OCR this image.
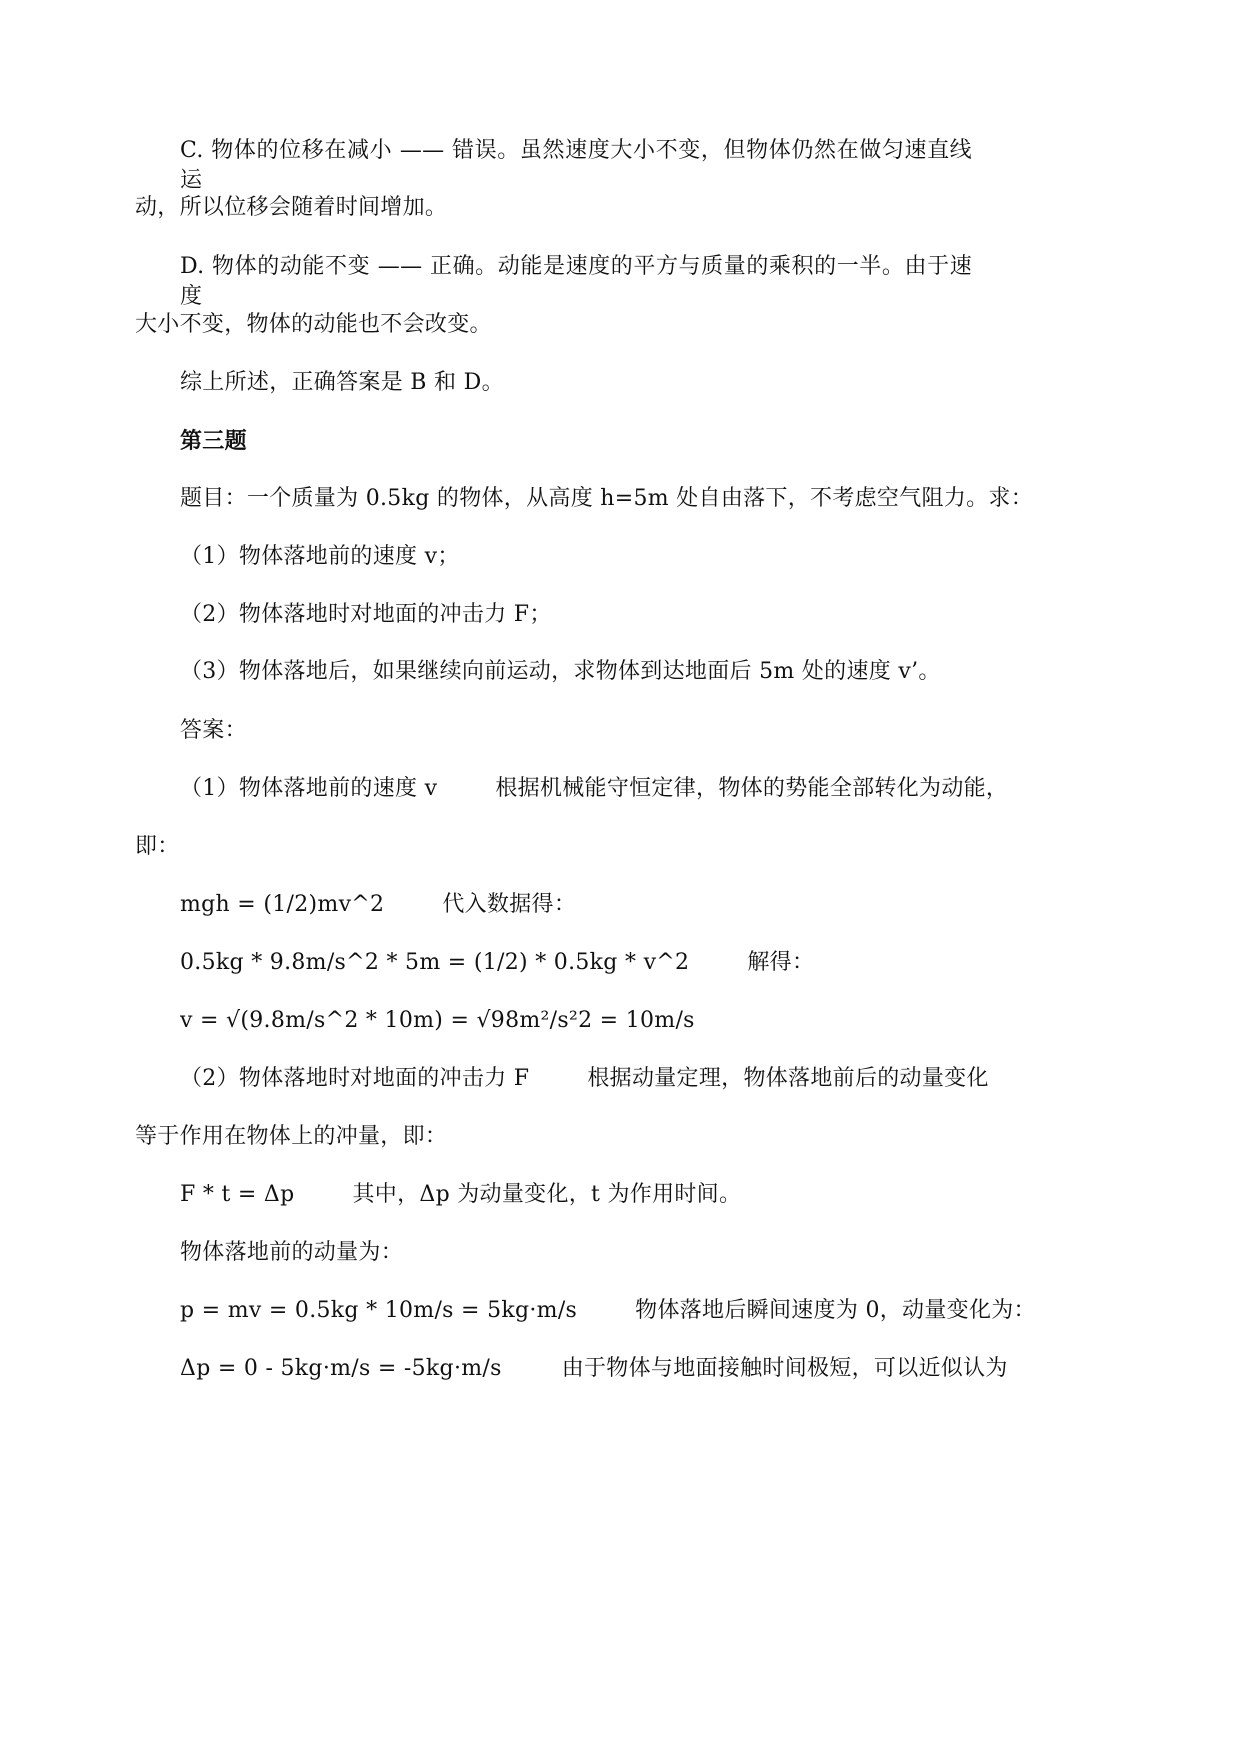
C. 物体的位移在减小 —— 错误。虽然速度大小不变，但物体仍然在做匀速直线运
动，所以位移会随着时间增加。
D. 物体的动能不变 —— 正确。动能是速度的平方与质量的乘积的一半。由于速度
大小不变，物体的动能也不会改变。
综上所述，正确答案是 B 和 D。
第三题
题目：一个质量为 0.5kg 的物体，从高度 h=5m 处自由落下，不考虑空气阻力。求：
（1）物体落地前的速度 v；
（2）物体落地时对地面的冲击力 F；
（3）物体落地后，如果继续向前运动，求物体到达地面后 5m 处的速度 v’。
答案：
（1）物体落地前的速度 v	根据机械能守恒定律，物体的势能全部转化为动能，
即：
mgh = (1/2)mv^2	代入数据得：
0.5kg * 9.8m/s^2 * 5m = (1/2) * 0.5kg * v^2	解得：
v = √(9.8m/s^2 * 10m) = √98m²/s²2 = 10m/s
（2）物体落地时对地面的冲击力 F	根据动量定理，物体落地前后的动量变化
等于作用在物体上的冲量，即：
F * t = Δp	其中，Δp 为动量变化，t 为作用时间。
物体落地前的动量为：
p = mv = 0.5kg * 10m/s = 5kg·m/s	物体落地后瞬间速度为 0，动量变化为：
Δp = 0 - 5kg·m/s = -5kg·m/s	由于物体与地面接触时间极短，可以近似认为
